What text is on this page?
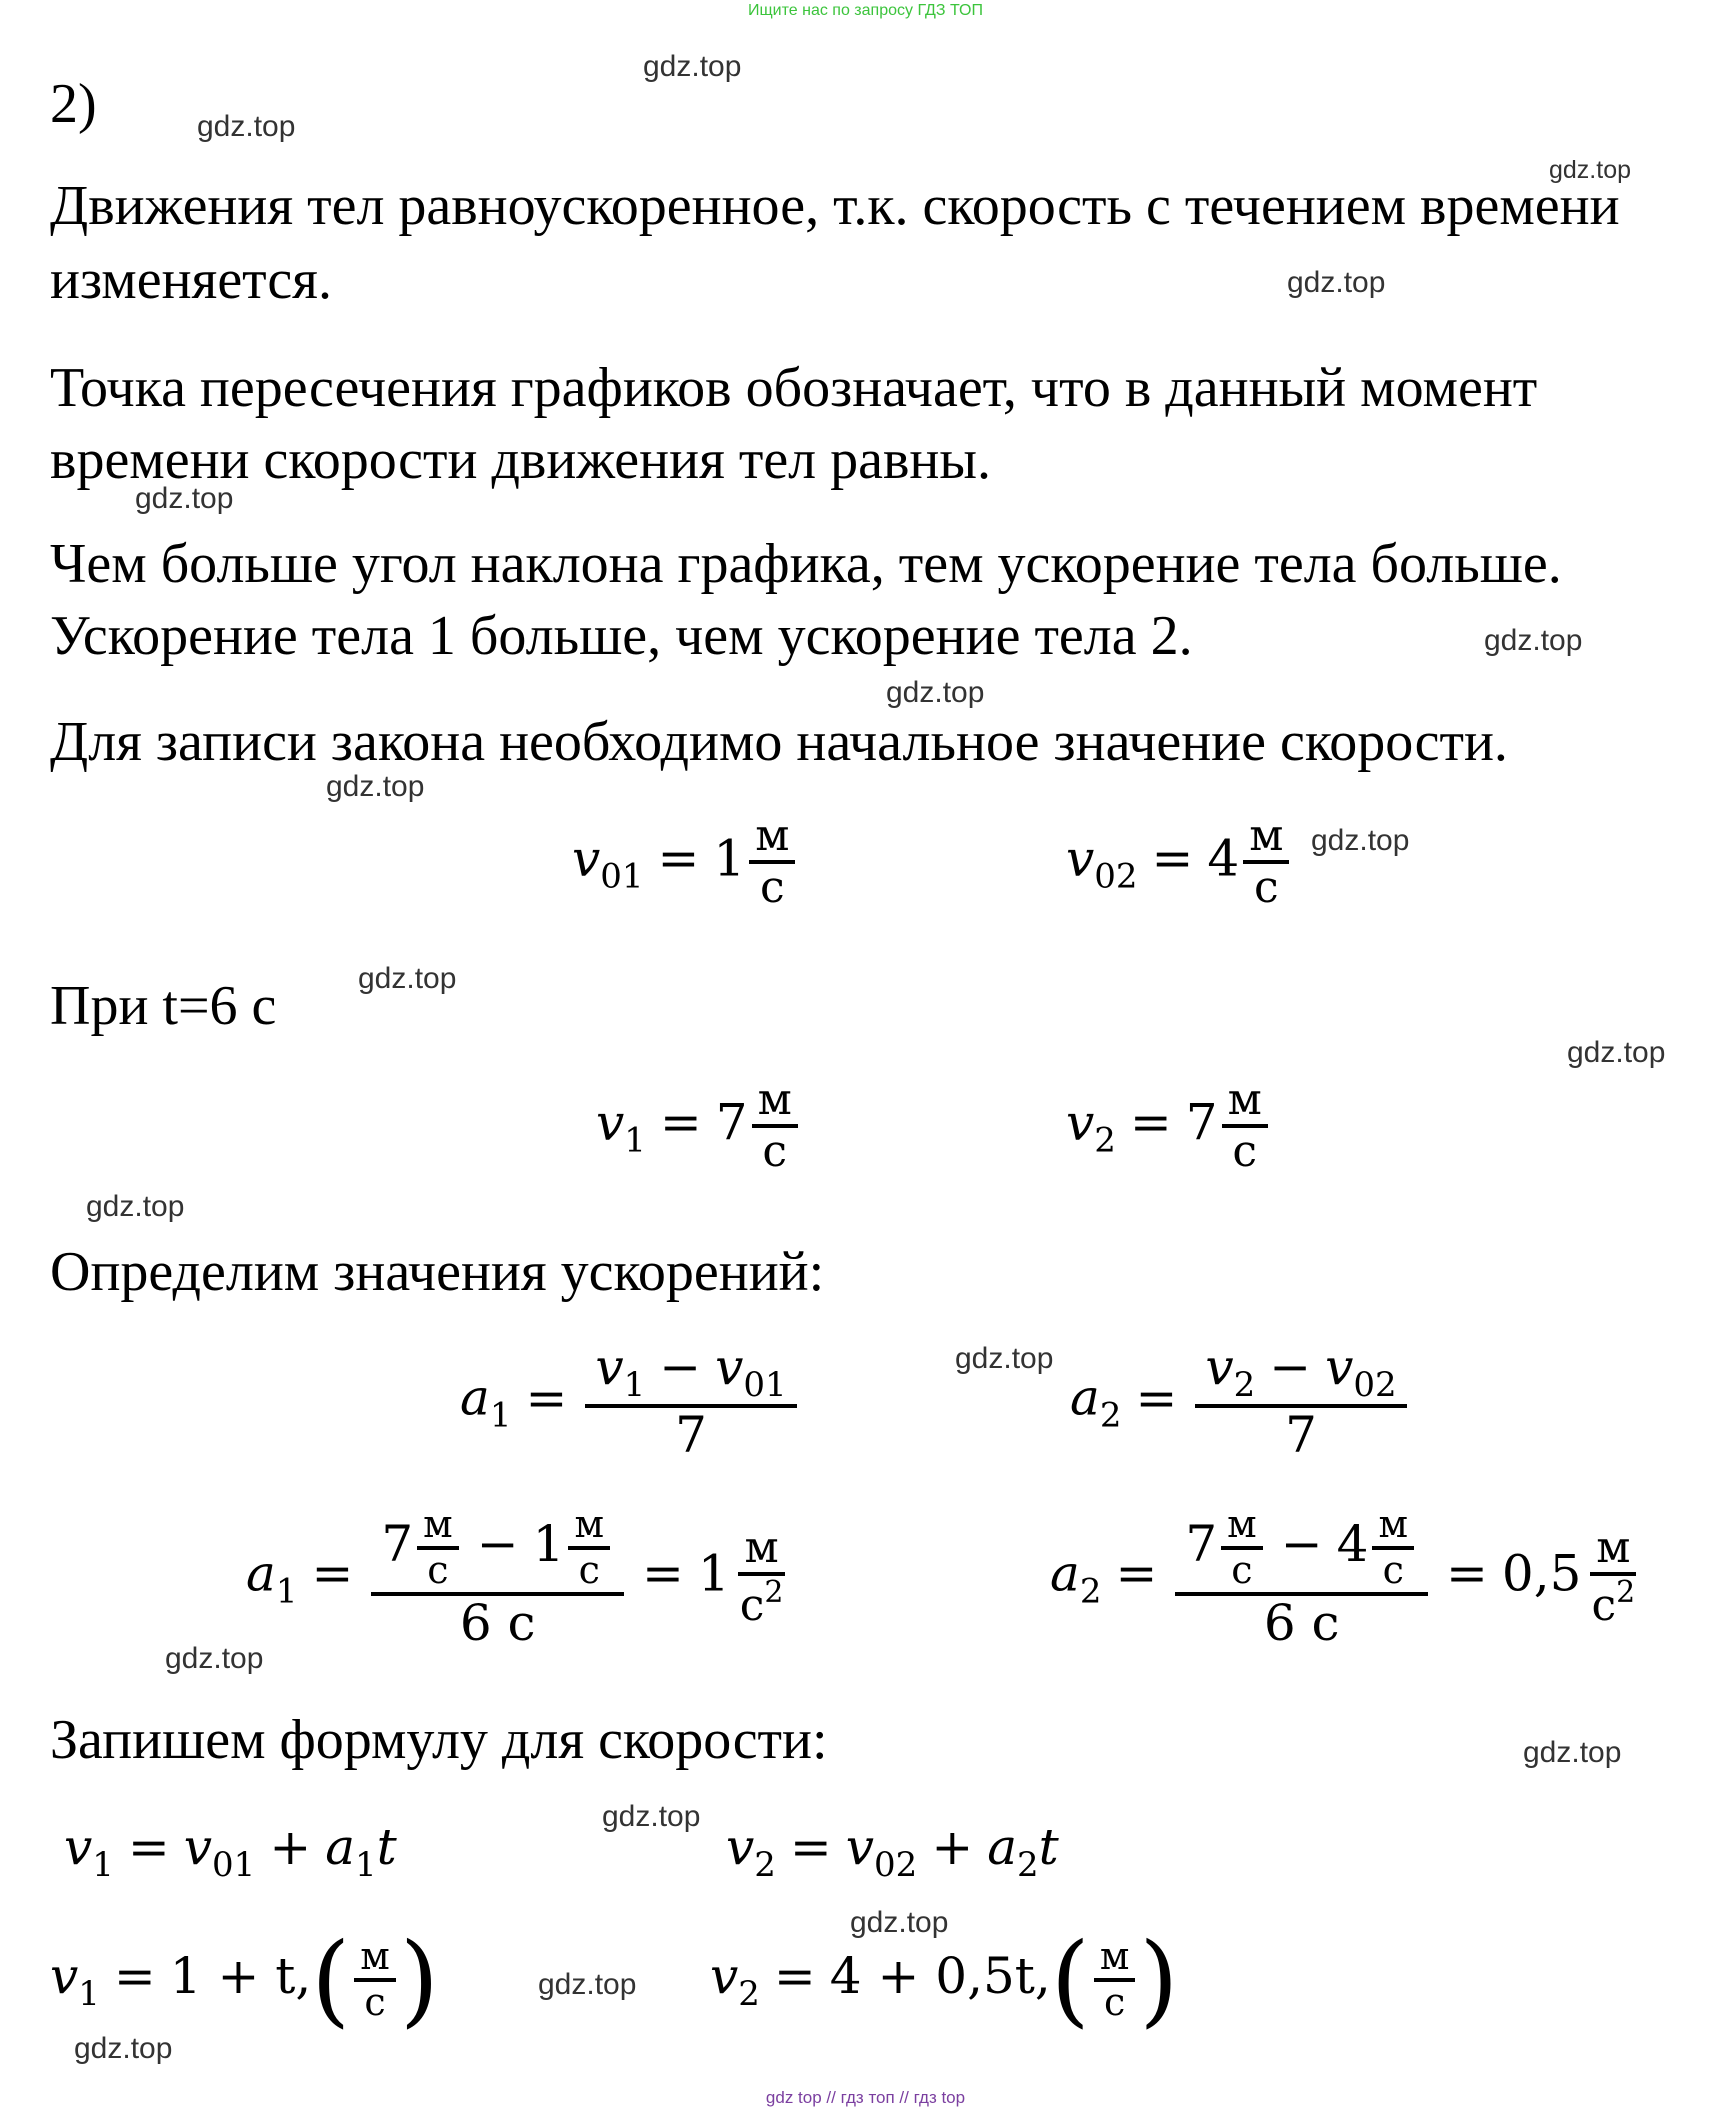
Ищите нас по запросу ГДЗ ТОП
2)
Движения тел равноускоренное, т.к. скорость с течением времени
изменяется.
Точка пересечения графиков обозначает, что в данный момент
времени скорости движения тел равны.
Чем больше угол наклона графика, тем ускорение тела больше.
Ускорение тела 1 больше, чем ускорение тела 2.
Для записи закона необходимо начальное значение скорости.
$v_{01} = 1 \frac{м}{с}$	$v_{02} = 4 \frac{м}{с}$
При t=6 с
$v_1 = 7 \frac{м}{с}$	$v_2 = 7 \frac{м}{с}$
Определим значения ускорений:
$a_1 = \frac{v_1 - v_{01}}{7}$	$a_2 = \frac{v_2 - v_{02}}{7}$
$a_1 = \frac{7 \frac{м}{с} - 1 \frac{м}{с}}{6 с} = 1 \frac{м}{с^2}$	$a_2 = \frac{7 \frac{м}{с} - 4 \frac{м}{с}}{6 с} = 0,5 \frac{м}{с^2}$
Запишем формулу для скорости:
$v_1 = v_{01} + a_1t$	$v_2 = v_{02} + a_2t$
$v_1 = 1 + t,( \frac{м}{с}$ )	$v_2 = 4 + 0,5t,( \frac{м}{с}$ )
gdz.top
gdz.top
gdz.top
gdz.top
gdz.top
gdz.top
gdz.top
gdz.top
gdz.top
gdz.top
gdz.top
gdz.top
gdz.top
gdz.top
gdz.top
gdz.top
gdz.top
gdz.top
gdz.top
gdz top // гдз топ // гдз top
